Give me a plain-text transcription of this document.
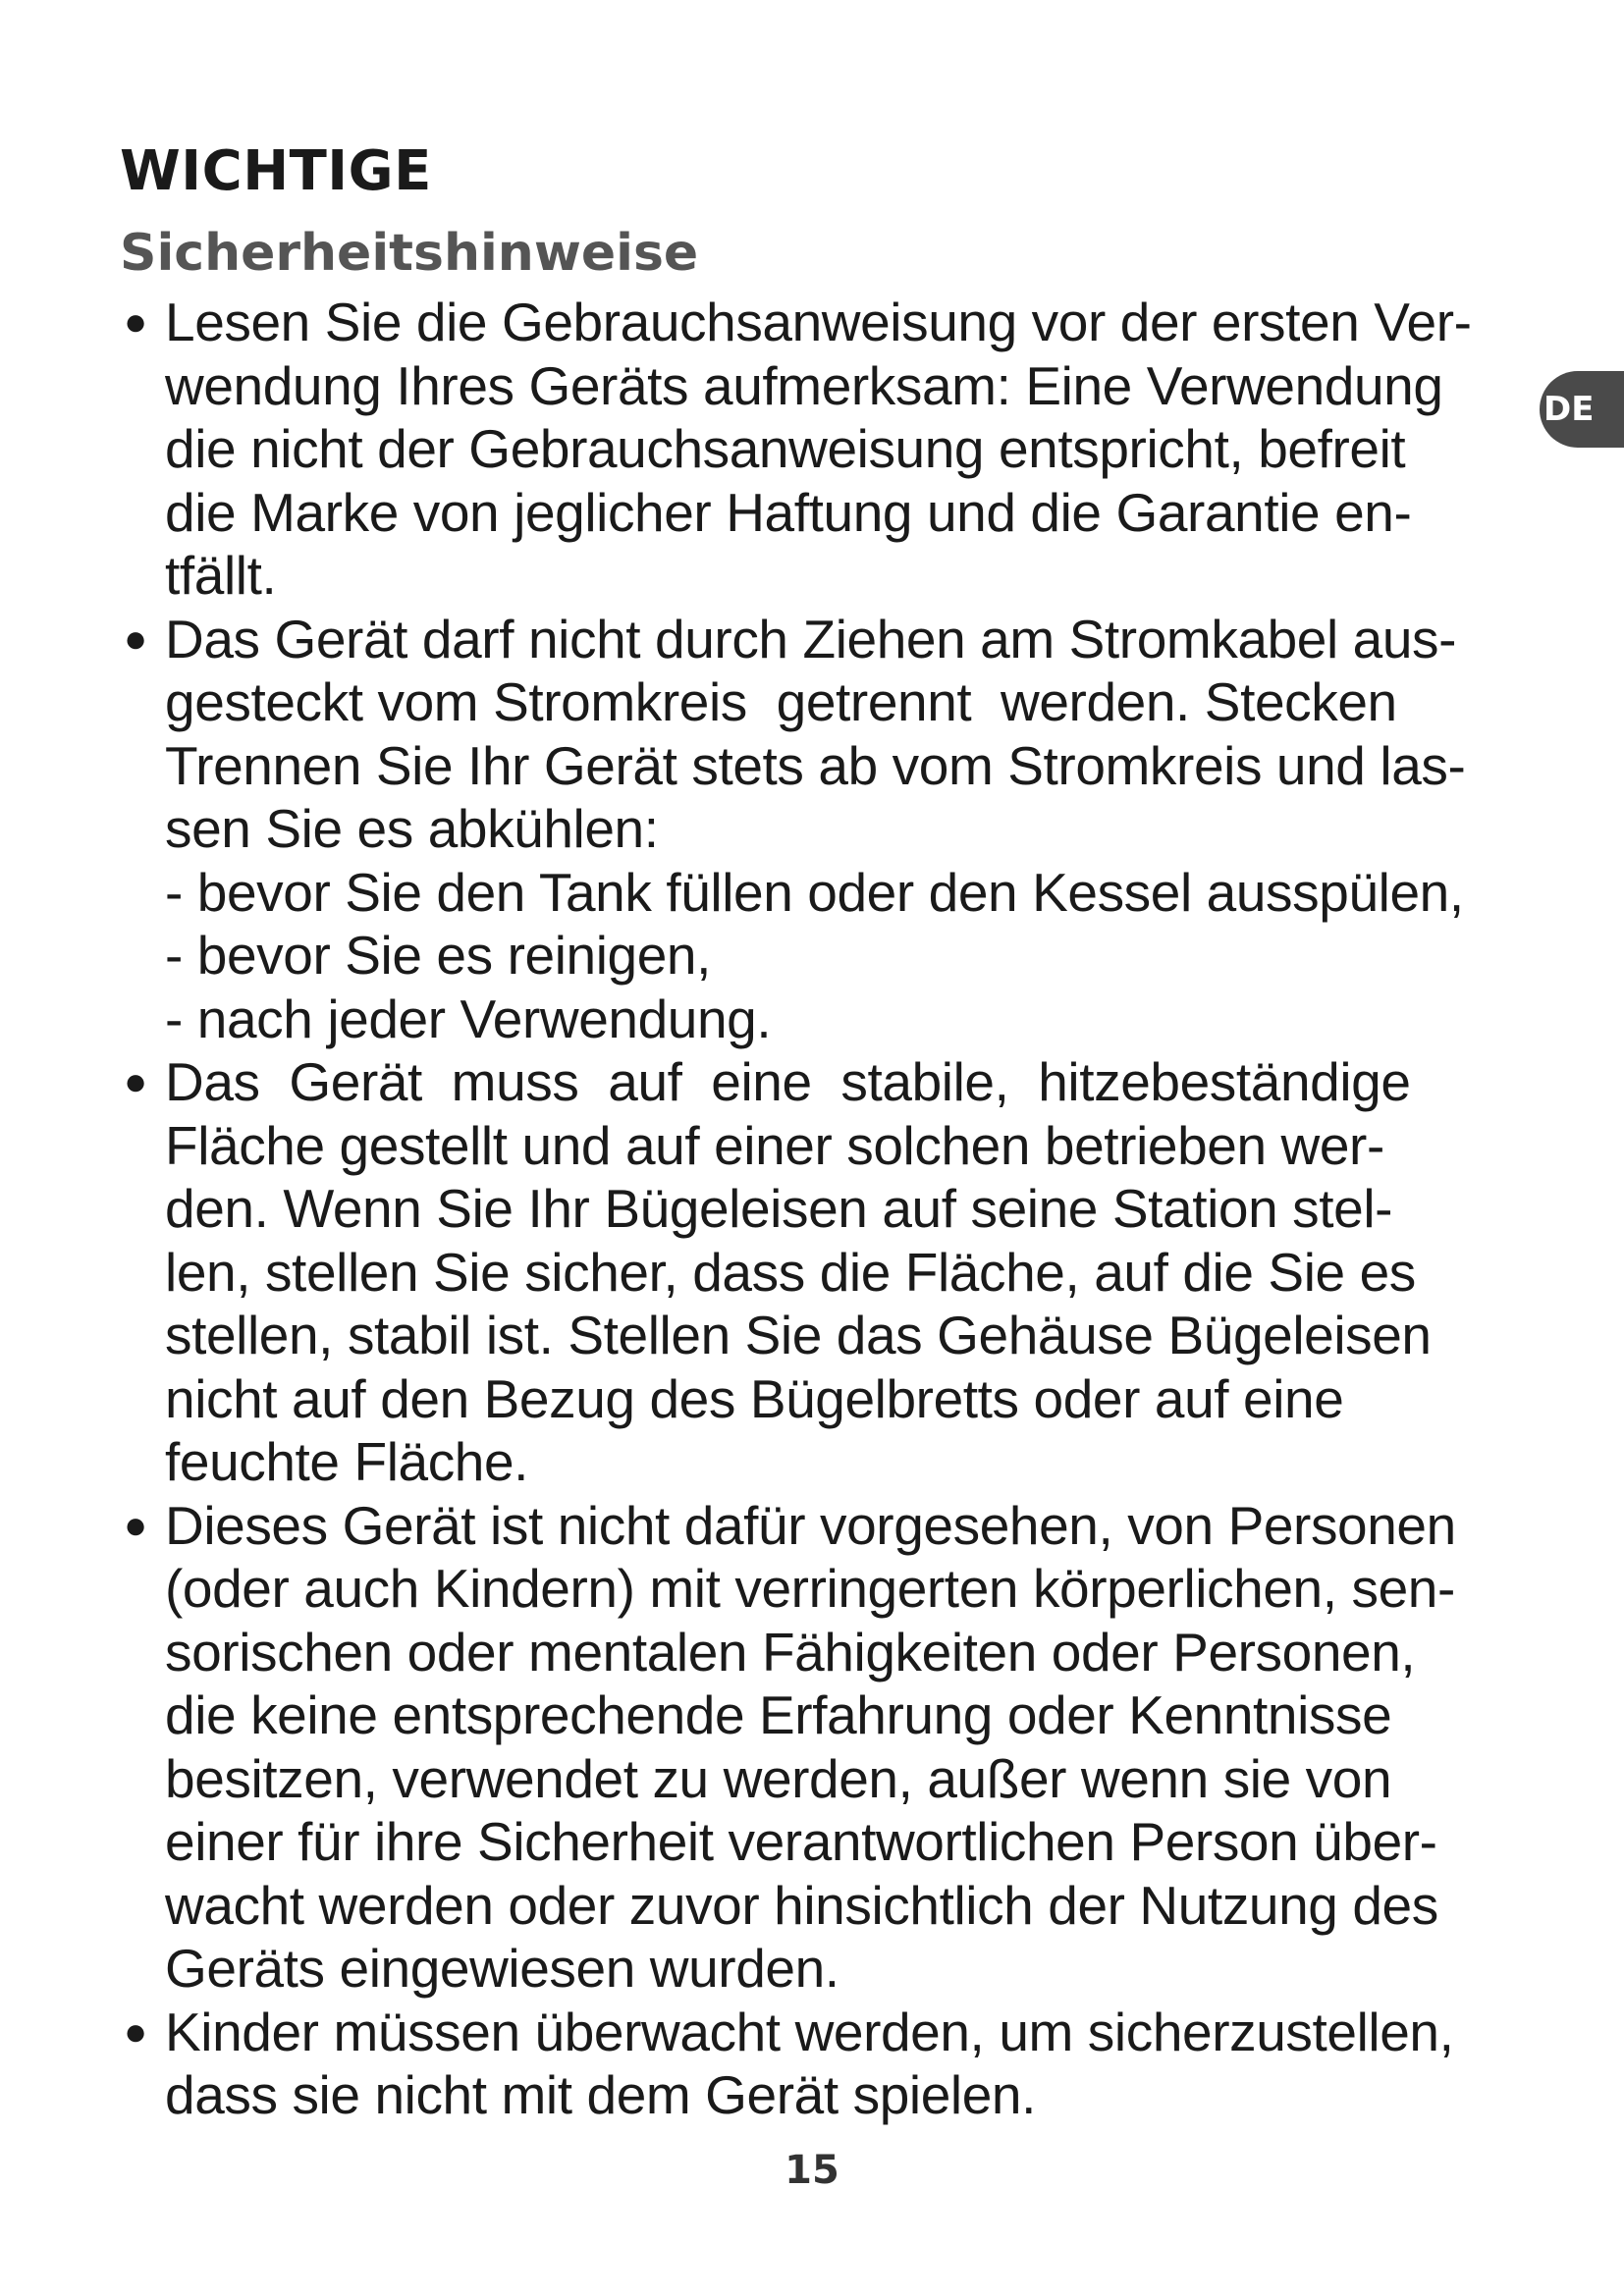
WICHTIGE
Sicherheitshinweise
DE
● Lesen Sie die Gebrauchsanweisung vor der ersten Ver-
wendung Ihres Geräts aufmerksam: Eine Verwendung
die nicht der Gebrauchsanweisung entspricht, befreit
die Marke von jeglicher Haftung und die Garantie en-
tfällt.
● Das Gerät darf nicht durch Ziehen am Stromkabel aus-
gesteckt vom Stromkreis  getrennt  werden. Stecken
Trennen Sie Ihr Gerät stets ab vom Stromkreis und las-
sen Sie es abkühlen:
- bevor Sie den Tank füllen oder den Kessel ausspülen,
- bevor Sie es reinigen,
- nach jeder Verwendung.
● Das  Gerät  muss  auf  eine  stabile,  hitzebeständige
Fläche gestellt und auf einer solchen betrieben wer-
den. Wenn Sie Ihr Bügeleisen auf seine Station stel-
len, stellen Sie sicher, dass die Fläche, auf die Sie es
stellen, stabil ist. Stellen Sie das Gehäuse Bügeleisen
nicht auf den Bezug des Bügelbretts oder auf eine
feuchte Fläche.
● Dieses Gerät ist nicht dafür vorgesehen, von Personen
(oder auch Kindern) mit verringerten körperlichen, sen-
sorischen oder mentalen Fähigkeiten oder Personen,
die keine entsprechende Erfahrung oder Kenntnisse
besitzen, verwendet zu werden, außer wenn sie von
einer für ihre Sicherheit verantwortlichen Person über-
wacht werden oder zuvor hinsichtlich der Nutzung des
Geräts eingewiesen wurden.
● Kinder müssen überwacht werden, um sicherzustellen,
dass sie nicht mit dem Gerät spielen.
15
